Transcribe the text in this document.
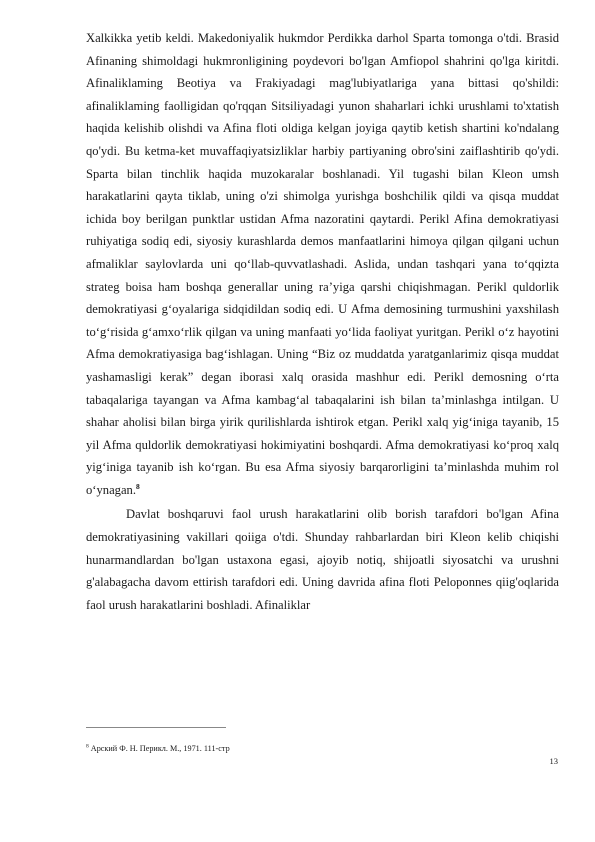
Xalkikka yetib keldi. Makedoniyalik hukmdor Perdikka darhol Sparta tomonga o'tdi. Brasid Afinaning shimoldagi hukmronligining poydevori bo'lgan Amfiopol shahrini qo'lga kiritdi. Afinaliklaming Beotiya va Frakiyadagi mag'lubiyatlariga yana bittasi qo'shildi: afinaliklaming faolligidan qo'rqqan Sitsiliyadagi yunon shaharlari ichki urushlami to'xtatish haqida kelishib olishdi va Afina floti oldiga kelgan joyiga qaytib ketish shartini ko'ndalang qo'ydi. Bu ketma-ket muvaffaqiyatsizliklar harbiy partiyaning obro'sini zaiflashtirib qo'ydi. Sparta bilan tinchlik haqida muzokaralar boshlanadi. Yil tugashi bilan Kleon umsh harakatlarini qayta tiklab, uning o'zi shimolga yurishga boshchilik qildi va qisqa muddat ichida boy berilgan punktlar ustidan Afma nazoratini qaytardi. Perikl Afina demokratiyasi ruhiyatiga sodiq edi, siyosiy kurashlarda demos manfaatlarini himoya qilgan qilgani uchun afmaliklar saylovlarda uni qo‘llab-quvvatlashadi. Aslida, undan tashqari yana to‘qqizta strateg boisa ham boshqa generallar uning ra’yiga qarshi chiqishmagan. Perikl quldorlik demokratiyasi g‘oyalariga sidqidildan sodiq edi. U Afma demosining turmushini yaxshilash to‘g‘risida g‘amxo‘rlik qilgan va uning manfaati yo‘lida faoliyat yuritgan. Perikl o‘z hayotini Afma demokratiyasiga bag‘ishlagan. Uning “Biz oz muddatda yaratganlarimiz qisqa muddat yashamasligi kerak” degan iborasi xalq orasida mashhur edi. Perikl demosning o‘rta tabaqalariga tayangan va Afma kambag‘al tabaqalarini ish bilan ta’minlashga intilgan. U shahar aholisi bilan birga yirik qurilishlarda ishtirok etgan. Perikl xalq yig‘iniga tayanib, 15 yil Afma quldorlik demokratiyasi hokimiyatini boshqardi. Afma demokratiyasi ko‘proq xalq yig‘iniga tayanib ish ko‘rgan. Bu esa Afma siyosiy barqarorligini ta’minlashda muhim rol o‘ynagan.$^8$

Davlat boshqaruvi faol urush harakatlarini olib borish tarafdori bo'lgan Afina demokratiyasining vakillari qoiiga o'tdi. Shunday rahbarlardan biri Kleon kelib chiqishi hunarmandlardan bo'lgan ustaxona egasi, ajoyib notiq, shijoatli siyosatchi va urushni g'alabagacha davom ettirish tarafdori edi. Uning davrida afina floti Peloponnes qiig'oqlarida faol urush harakatlarini boshladi. Afinaliklar

$^8$ Арский Ф. Н. Перикл. М., 1971. 111-стр
13
